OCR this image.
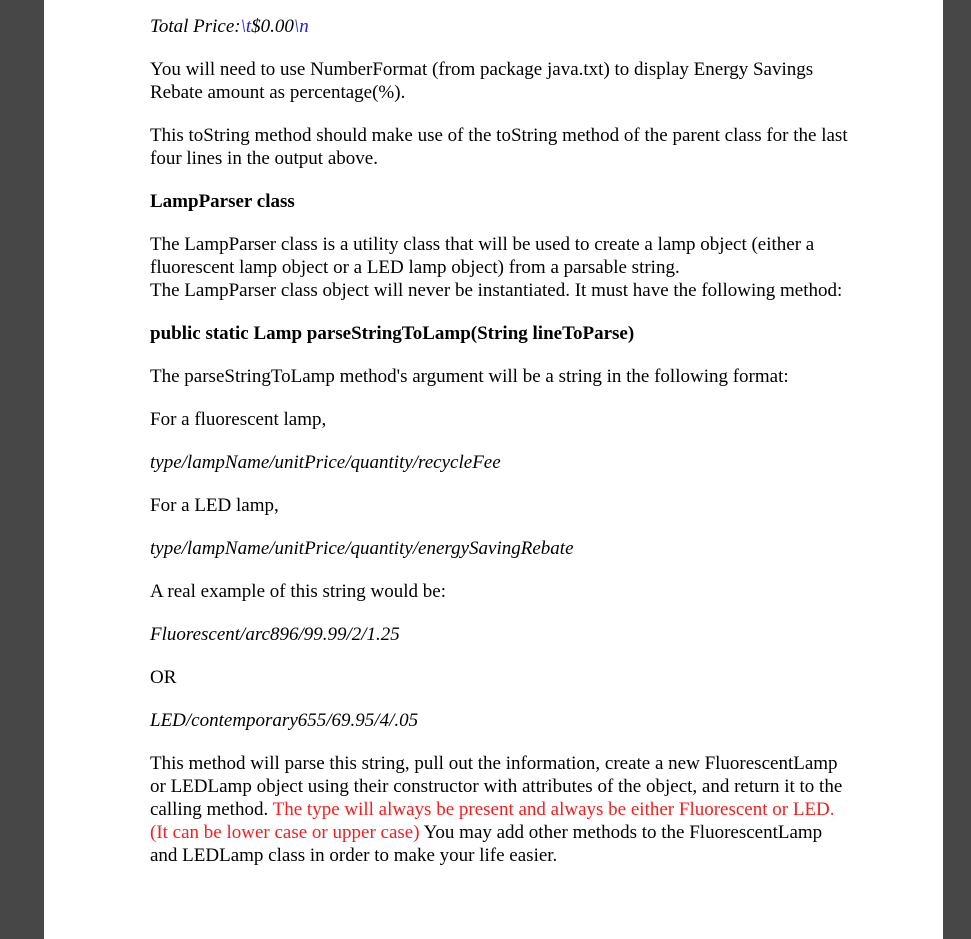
Total Price:\t$0.00\n

You will need to use NumberFormat (from package java.txt) to display Energy Savings Rebate amount as percentage(%).

This toString method should make use of the toString method of the parent class for the last four lines in the output above.

LampParser class

The LampParser class is a utility class that will be used to create a lamp object (either a fluorescent lamp object or a LED lamp object) from a parsable string.
The LampParser class object will never be instantiated. It must have the following method:

public static Lamp parseStringToLamp(String lineToParse)

The parseStringToLamp method's argument will be a string in the following format:

For a fluorescent lamp,

type/lampName/unitPrice/quantity/recycleFee

For a LED lamp,

type/lampName/unitPrice/quantity/energySavingRebate

A real example of this string would be:

Fluorescent/arc896/99.99/2/1.25

OR

LED/contemporary655/69.95/4/.05

This method will parse this string, pull out the information, create a new FluorescentLamp or LEDLamp object using their constructor with attributes of the object, and return it to the calling method. The type will always be present and always be either Fluorescent or LED. (It can be lower case or upper case) You may add other methods to the FluorescentLamp and LEDLamp class in order to make your life easier.
